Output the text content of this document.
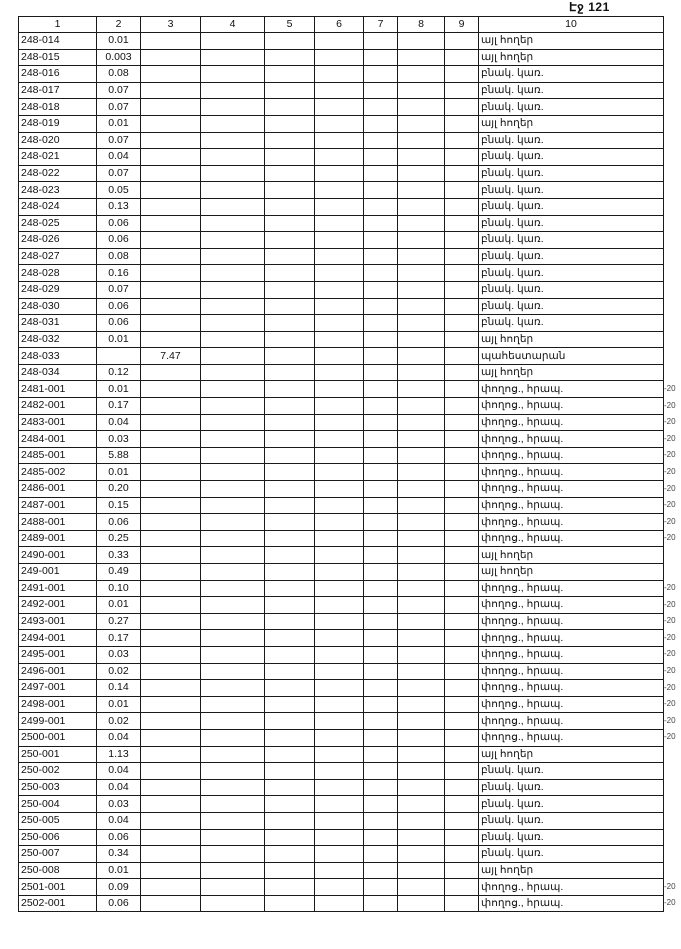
Էջ 121
1	2	3	4	5	6	7	8	9	10
248-014	0.01								այլ հողեր
248-015	0.003								այլ հողեր
248-016	0.08								բնակ. կառ.
248-017	0.07								բնակ. կառ.
248-018	0.07								բնակ. կառ.
248-019	0.01								այլ հողեր
248-020	0.07								բնակ. կառ.
248-021	0.04								բնակ. կառ.
248-022	0.07								բնակ. կառ.
248-023	0.05								բնակ. կառ.
248-024	0.13								բնակ. կառ.
248-025	0.06								բնակ. կառ.
248-026	0.06								բնակ. կառ.
248-027	0.08								բնակ. կառ.
248-028	0.16								բնակ. կառ.
248-029	0.07								բնակ. կառ.
248-030	0.06								բնակ. կառ.
248-031	0.06								բնակ. կառ.
248-032	0.01								այլ հողեր
248-033		7.47							պահեստարան
248-034	0.12								այլ հողեր
2481-001	0.01								փողոց., հրապ.
2482-001	0.17								փողոց., հրապ.
2483-001	0.04								փողոց., հրապ.
2484-001	0.03								փողոց., հրապ.
2485-001	5.88								փողոց., հրապ.
2485-002	0.01								փողոց., հրապ.
2486-001	0.20								փողոց., հրապ.
2487-001	0.15								փողոց., հրապ.
2488-001	0.06								փողոց., հրապ.
2489-001	0.25								փողոց., հրապ.
2490-001	0.33								այլ հողեր
249-001	0.49								այլ հողեր
2491-001	0.10								փողոց., հրապ.
2492-001	0.01								փողոց., հրապ.
2493-001	0.27								փողոց., հրապ.
2494-001	0.17								փողոց., հրապ.
2495-001	0.03								փողոց., հրապ.
2496-001	0.02								փողոց., հրապ.
2497-001	0.14								փողոց., հրապ.
2498-001	0.01								փողոց., հրապ.
2499-001	0.02								փողոց., հրապ.
2500-001	0.04								փողոց., հրապ.
250-001	1.13								այլ հողեր
250-002	0.04								բնակ. կառ.
250-003	0.04								բնակ. կառ.
250-004	0.03								բնակ. կառ.
250-005	0.04								բնակ. կառ.
250-006	0.06								բնակ. կառ.
250-007	0.34								բնակ. կառ.
250-008	0.01								այլ հողեր
2501-001	0.09								փողոց., հրապ.
2502-001	0.06								փողոց., հրապ.
-20
-20
-20
-20
-20
-20
-20
-20
-20
-20
-20
-20
-20
-20
-20
-20
-20
-20
-20
-20
-20
-20
